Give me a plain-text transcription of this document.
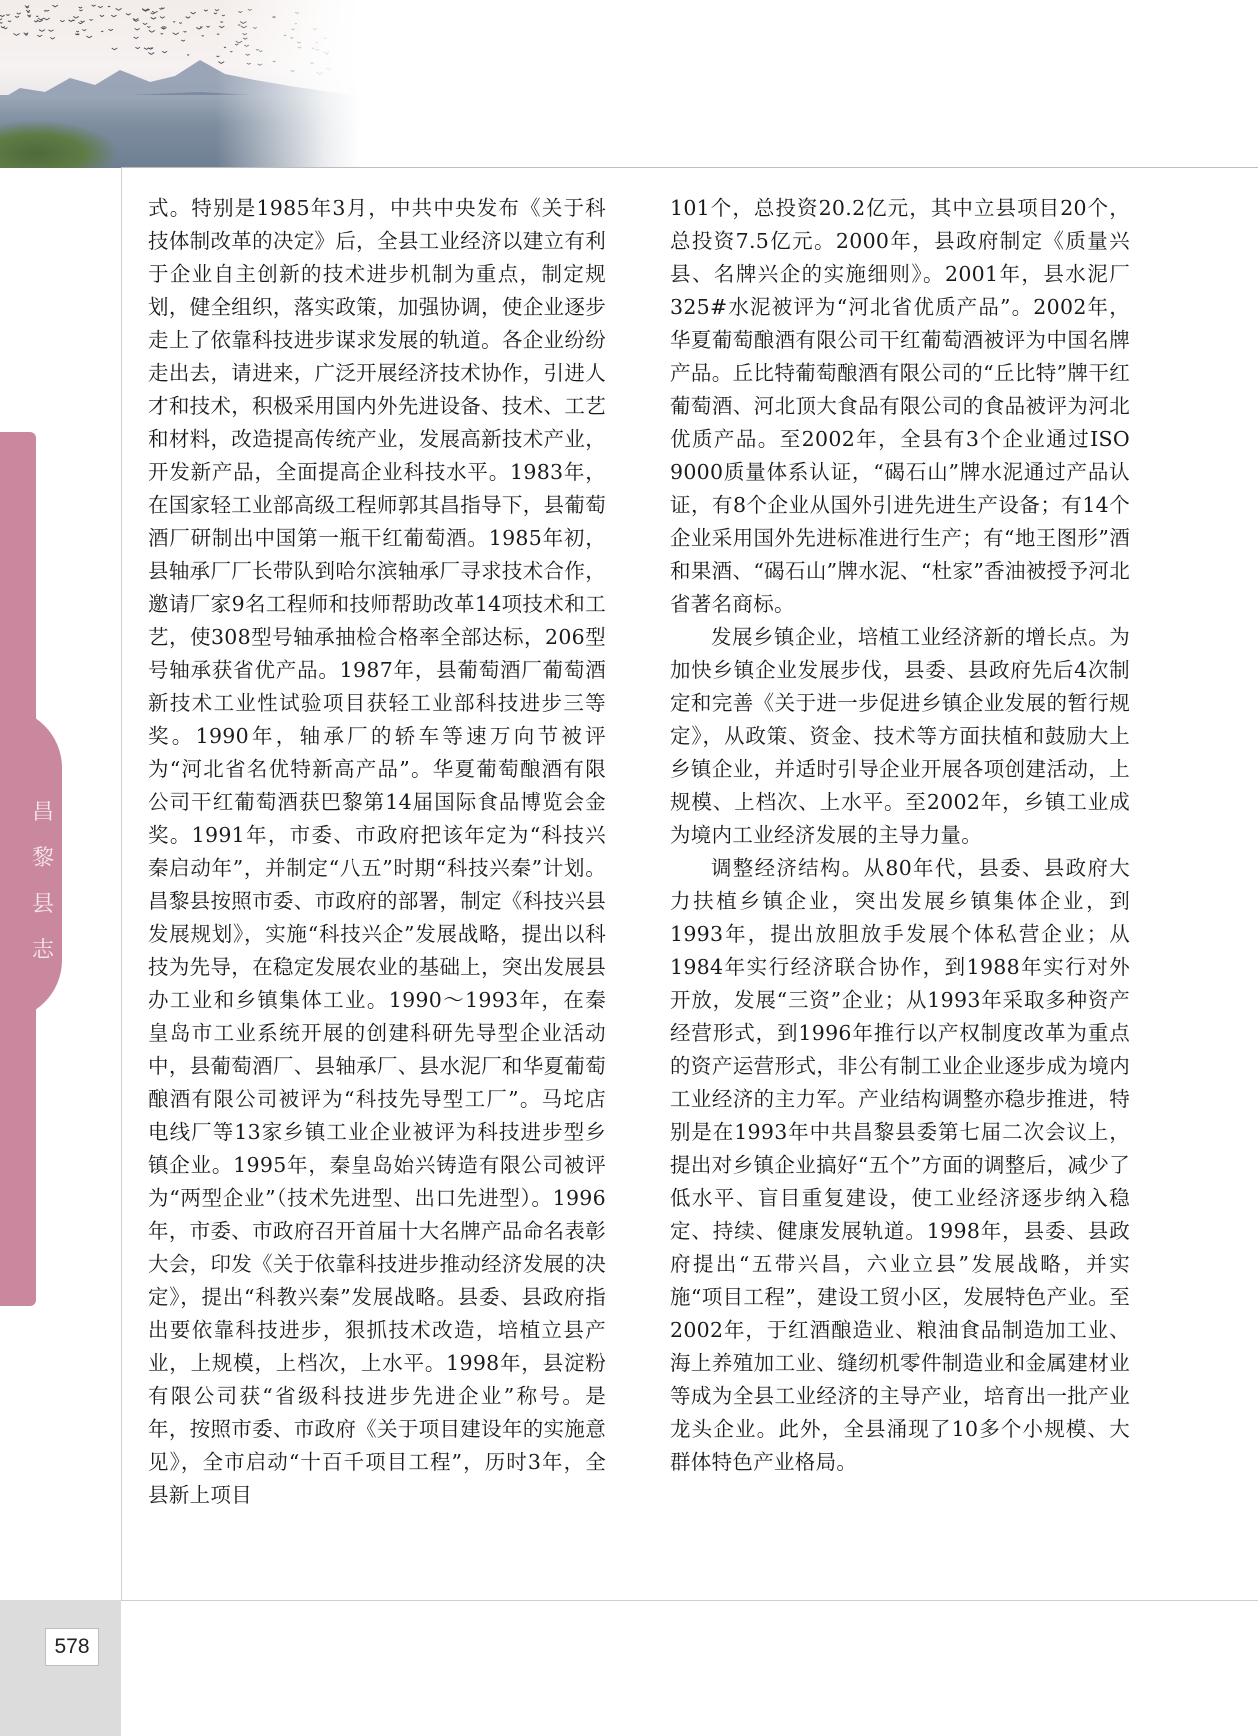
昌
黎
县
志
578

式。特别是1985年3月，中共中央发布《关于科技体制改革的决定》后，全县工业经济以建立有利于企业自主创新的技术进步机制为重点，制定规划，健全组织，落实政策，加强协调，使企业逐步走上了依靠科技进步谋求发展的轨道。各企业纷纷走出去，请进来，广泛开展经济技术协作，引进人才和技术，积极采用国内外先进设备、技术、工艺和材料，改造提高传统产业，发展高新技术产业，开发新产品，全面提高企业科技水平。1983年，在国家轻工业部高级工程师郭其昌指导下，县葡萄酒厂研制出中国第一瓶干红葡萄酒。1985年初，县轴承厂厂长带队到哈尔滨轴承厂寻求技术合作，邀请厂家9名工程师和技师帮助改革14项技术和工艺，使308型号轴承抽检合格率全部达标，206型号轴承获省优产品。1987年，县葡萄酒厂葡萄酒新技术工业性试验项目获轻工业部科技进步三等奖。1990年，轴承厂的轿车等速万向节被评为“河北省名优特新高产品”。华夏葡萄酿酒有限公司干红葡萄酒获巴黎第14届国际食品博览会金奖。1991年，市委、市政府把该年定为“科技兴秦启动年”，并制定“八五”时期“科技兴秦”计划。昌黎县按照市委、市政府的部署，制定《科技兴县发展规划》，实施“科技兴企”发展战略，提出以科技为先导，在稳定发展农业的基础上，突出发展县办工业和乡镇集体工业。1990～1993年，在秦皇岛市工业系统开展的创建科研先导型企业活动中，县葡萄酒厂、县轴承厂、县水泥厂和华夏葡萄酿酒有限公司被评为“科技先导型工厂”。马坨店电线厂等13家乡镇工业企业被评为科技进步型乡镇企业。1995年，秦皇岛始兴铸造有限公司被评为“两型企业”（技术先进型、出口先进型）。1996年，市委、市政府召开首届十大名牌产品命名表彰大会，印发《关于依靠科技进步推动经济发展的决定》，提出“科教兴秦”发展战略。县委、县政府指出要依靠科技进步，狠抓技术改造，培植立县产业，上规模，上档次，上水平。1998年，县淀粉有限公司获“省级科技进步先进企业”称号。是年，按照市委、市政府《关于项目建设年的实施意见》，全市启动“十百千项目工程”，历时3年，全县新上项目

101个，总投资20.2亿元，其中立县项目20个，总投资7.5亿元。2000年，县政府制定《质量兴县、名牌兴企的实施细则》。2001年，县水泥厂325#水泥被评为“河北省优质产品”。2002年，华夏葡萄酿酒有限公司干红葡萄酒被评为中国名牌产品。丘比特葡萄酿酒有限公司的“丘比特”牌干红葡萄酒、河北顶大食品有限公司的食品被评为河北优质产品。至2002年，全县有3个企业通过ISO 9000质量体系认证，“碣石山”牌水泥通过产品认证，有8个企业从国外引进先进生产设备；有14个企业采用国外先进标准进行生产；有“地王图形”酒和果酒、“碣石山”牌水泥、“杜家”香油被授予河北省著名商标。

发展乡镇企业，培植工业经济新的增长点。为加快乡镇企业发展步伐，县委、县政府先后4次制定和完善《关于进一步促进乡镇企业发展的暂行规定》，从政策、资金、技术等方面扶植和鼓励大上乡镇企业，并适时引导企业开展各项创建活动，上规模、上档次、上水平。至2002年，乡镇工业成为境内工业经济发展的主导力量。

调整经济结构。从80年代，县委、县政府大力扶植乡镇企业，突出发展乡镇集体企业，到1993年，提出放胆放手发展个体私营企业；从1984年实行经济联合协作，到1988年实行对外开放，发展“三资”企业；从1993年采取多种资产经营形式，到1996年推行以产权制度改革为重点的资产运营形式，非公有制工业企业逐步成为境内工业经济的主力军。产业结构调整亦稳步推进，特别是在1993年中共昌黎县委第七届二次会议上，提出对乡镇企业搞好“五个”方面的调整后，减少了低水平、盲目重复建设，使工业经济逐步纳入稳定、持续、健康发展轨道。1998年，县委、县政府提出“五带兴昌，六业立县”发展战略，并实施“项目工程”，建设工贸小区，发展特色产业。至2002年，于红酒酿造业、粮油食品制造加工业、海上养殖加工业、缝纫机零件制造业和金属建材业等成为全县工业经济的主导产业，培育出一批产业龙头企业。此外，全县涌现了10多个小规模、大群体特色产业格局。
